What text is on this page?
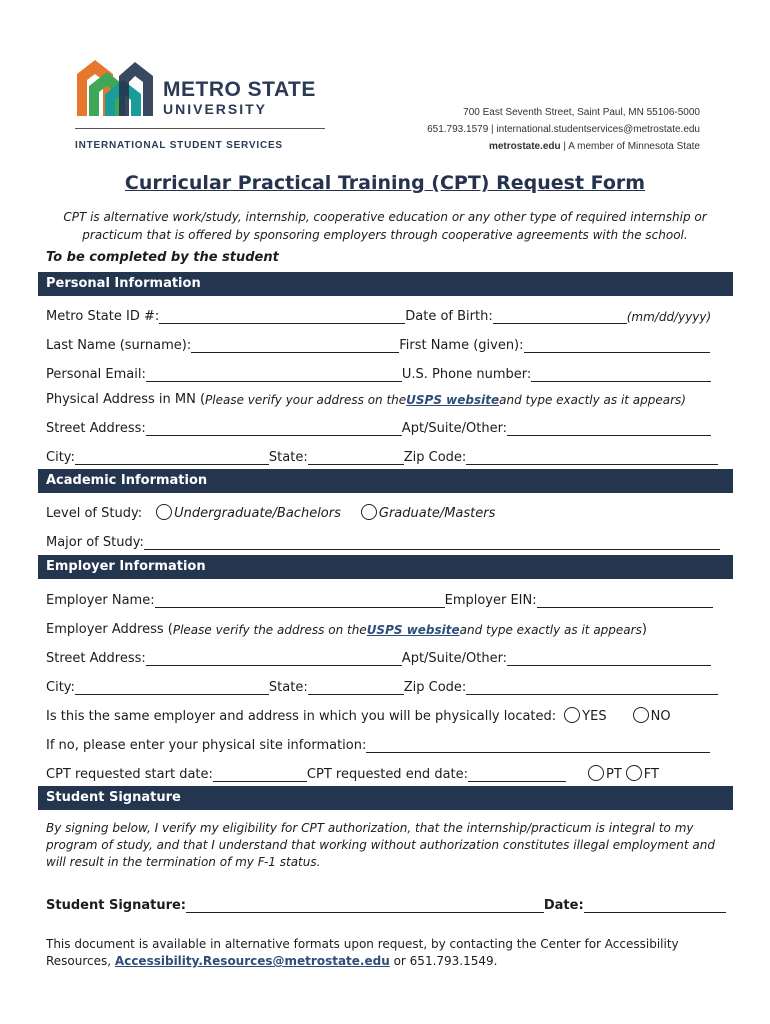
METRO STATE
UNIVERSITY
INTERNATIONAL STUDENT SERVICES
700 East Seventh Street, Saint Paul, MN 55106-5000
651.793.1579 | international.studentservices@metrostate.edu
metrostate.edu | A member of Minnesota State
Curricular Practical Training (CPT) Request Form
CPT is alternative work/study, internship, cooperative education or any other type of required internship or practicum that is offered by sponsoring employers through cooperative agreements with the school.
To be completed by the student
Personal Information
Metro State ID #:	Date of Birth:	(mm/dd/yyyy)
Last Name (surname):	First Name (given):
Personal Email:	U.S. Phone number:
Physical Address in MN ( Please verify your address on the USPS website and type exactly as it appears)
Street Address:	Apt/Suite/Other:
City:	State:	Zip Code:
Academic Information
Level of Study: Undergraduate/Bachelors	Graduate/Masters
Major of Study:
Employer Information
Employer Name:	Employer EIN:
Employer Address ( Please verify the address on the USPS website and type exactly as it appears )
Street Address:	Apt/Suite/Other:
City:	State:	Zip Code:
Is this the same employer and address in which you will be physically located: YES	NO
If no, please enter your physical site information:
CPT requested start date:	CPT requested end date:	PT FT
Student Signature
By signing below, I verify my eligibility for CPT authorization, that the internship/practicum is integral to my program of study, and that I understand that working without authorization constitutes illegal employment and will result in the termination of my F-1 status.
Student Signature:	Date:
This document is available in alternative formats upon request, by contacting the Center for Accessibility Resources, Accessibility.Resources@metrostate.edu or 651.793.1549.
